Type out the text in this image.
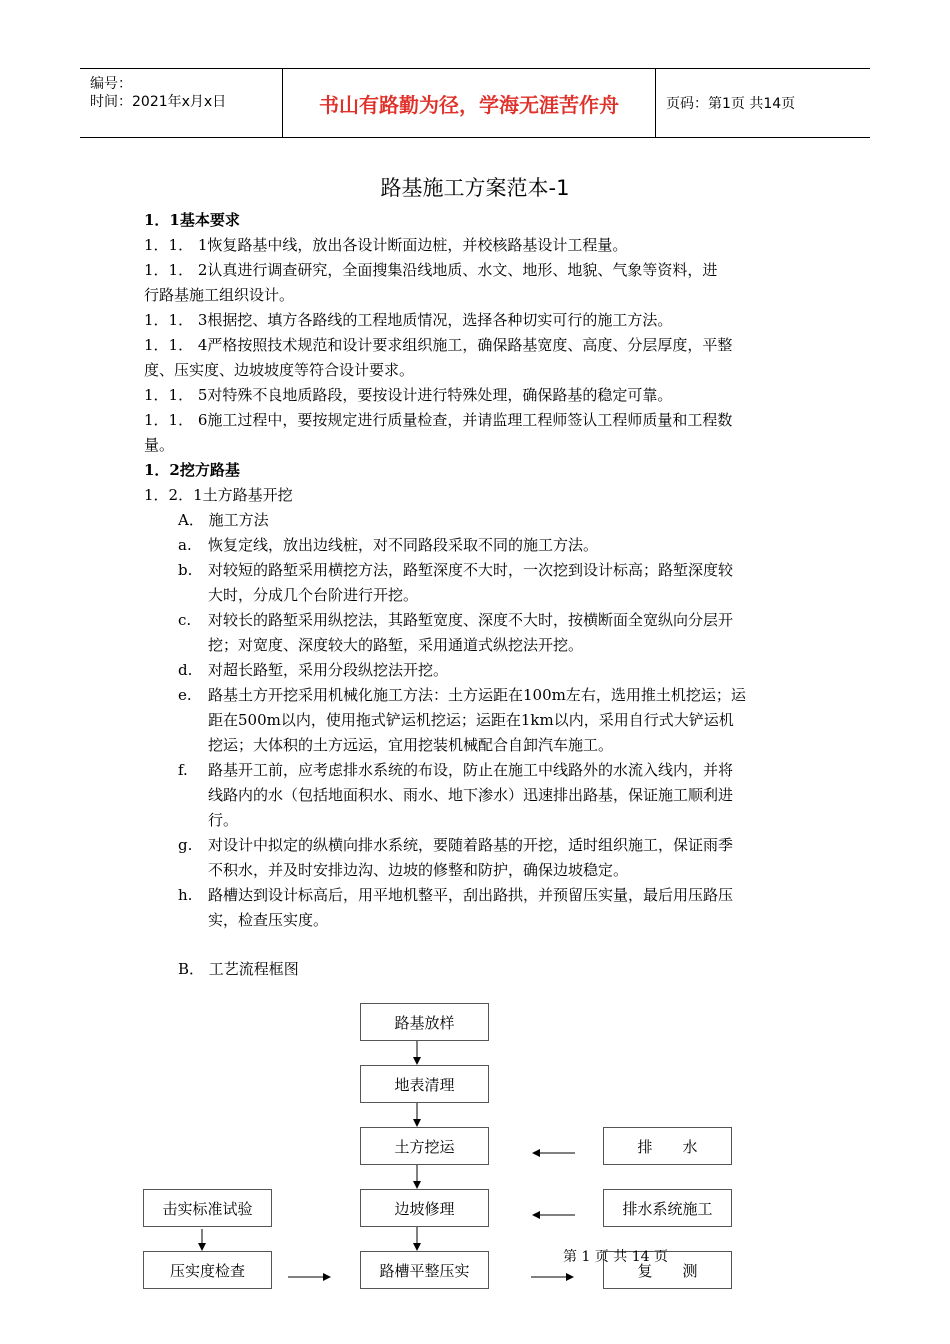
编号：
时间：2021年x月x日	书山有路勤为径，学海无涯苦作舟	页码：第1页 共14页
路基施工方案范本-1
1．1基本要求
1．1． 1恢复路基中线，放出各设计断面边桩，并校核路基设计工程量。
1．1． 2认真进行调查研究，全面搜集沿线地质、水文、地形、地貌、气象等资料，进
行路基施工组织设计。
1．1． 3根据挖、填方各路线的工程地质情况，选择各种切实可行的施工方法。
1．1． 4严格按照技术规范和设计要求组织施工，确保路基宽度、高度、分层厚度，平整
度、压实度、边坡坡度等符合设计要求。
1．1． 5对特殊不良地质路段，要按设计进行特殊处理，确保路基的稳定可靠。
1．1． 6施工过程中，要按规定进行质量检查，并请监理工程师签认工程师质量和工程数
量。
1．2挖方路基
1．2．1土方路基开挖
A． 施工方法
a. 恢复定线，放出边线桩，对不同路段采取不同的施工方法。
b. 对较短的路堑采用横挖方法，路堑深度不大时，一次挖到设计标高；路堑深度较
大时，分成几个台阶进行开挖。
c. 对较长的路堑采用纵挖法，其路堑宽度、深度不大时，按横断面全宽纵向分层开
挖；对宽度、深度较大的路堑，采用通道式纵挖法开挖。
d. 对超长路堑，采用分段纵挖法开挖。
e. 路基土方开挖采用机械化施工方法：土方运距在100m左右，选用推土机挖运；运
距在500m以内，使用拖式铲运机挖运；运距在1km以内，采用自行式大铲运机
挖运；大体积的土方远运，宜用挖装机械配合自卸汽车施工。
f. 路基开工前，应考虑排水系统的布设，防止在施工中线路外的水流入线内，并将
线路内的水（包括地面积水、雨水、地下渗水）迅速排出路基，保证施工顺利进
行。
g. 对设计中拟定的纵横向排水系统，要随着路基的开挖，适时组织施工，保证雨季
不积水，并及时安排边沟、边坡的修整和防护，确保边坡稳定。
h. 路槽达到设计标高后，用平地机整平，刮出路拱，并预留压实量，最后用压路压
实，检查压实度。
B． 工艺流程框图
路基放样
地表清理
土方挖运
边坡修理
路槽平整压实
排　　水
排水系统施工
复　　测
击实标准试验
压实度检查
第 1 页 共 14 页
